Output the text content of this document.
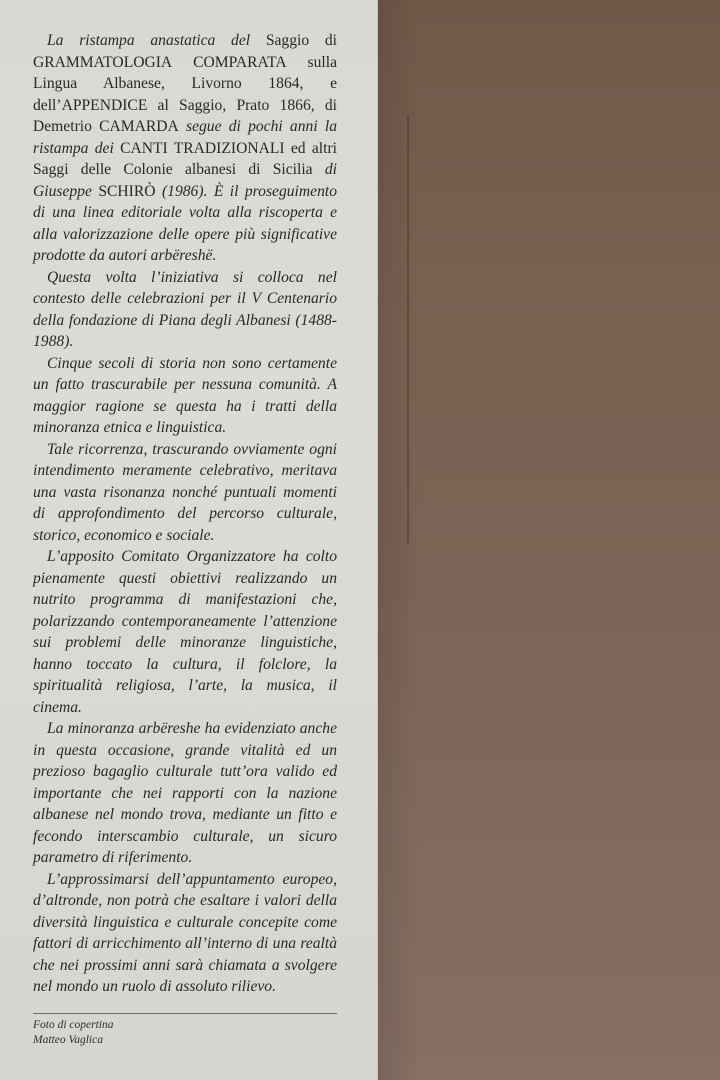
La ristampa anastatica del Saggio di GRAMMATOLOGIA COMPARATA sulla Lingua Albanese, Livorno 1864, e dell’APPENDICE al Saggio, Prato 1866, di Demetrio CAMARDA segue di pochi anni la ristampa dei CANTI TRADIZIONALI ed altri Saggi delle Colonie albanesi di Sicilia di Giuseppe SCHIRÒ (1986). È il proseguimento di una linea editoriale volta alla riscoperta e alla valorizzazione delle opere più significative prodotte da autori arbëreshë.

Questa volta l’iniziativa si colloca nel contesto delle celebrazioni per il V Centenario della fondazione di Piana degli Albanesi (1488-1988).

Cinque secoli di storia non sono certamente un fatto trascurabile per nessuna comunità. A maggior ragione se questa ha i tratti della minoranza etnica e linguistica.

Tale ricorrenza, trascurando ovviamente ogni intendimento meramente celebrativo, meritava una vasta risonanza nonché puntuali momenti di approfondimento del percorso culturale, storico, economico e sociale.

L’apposito Comitato Organizzatore ha colto pienamente questi obiettivi realizzando un nutrito programma di manifestazioni che, polarizzando contemporaneamente l’attenzione sui problemi delle minoranze linguistiche, hanno toccato la cultura, il folclore, la spiritualità religiosa, l’arte, la musica, il cinema.

La minoranza arbëreshe ha evidenziato anche in questa occasione, grande vitalità ed un prezioso bagaglio culturale tutt’ora valido ed importante che nei rapporti con la nazione albanese nel mondo trova, mediante un fitto e fecondo interscambio culturale, un sicuro parametro di riferimento.

L’approssimarsi dell’appuntamento europeo, d’altronde, non potrà che esaltare i valori della diversità linguistica e culturale concepite come fattori di arricchimento all’interno di una realtà che nei prossimi anni sarà chiamata a svolgere nel mondo un ruolo di assoluto rilievo.

Foto di copertina
Matteo Vaglica
